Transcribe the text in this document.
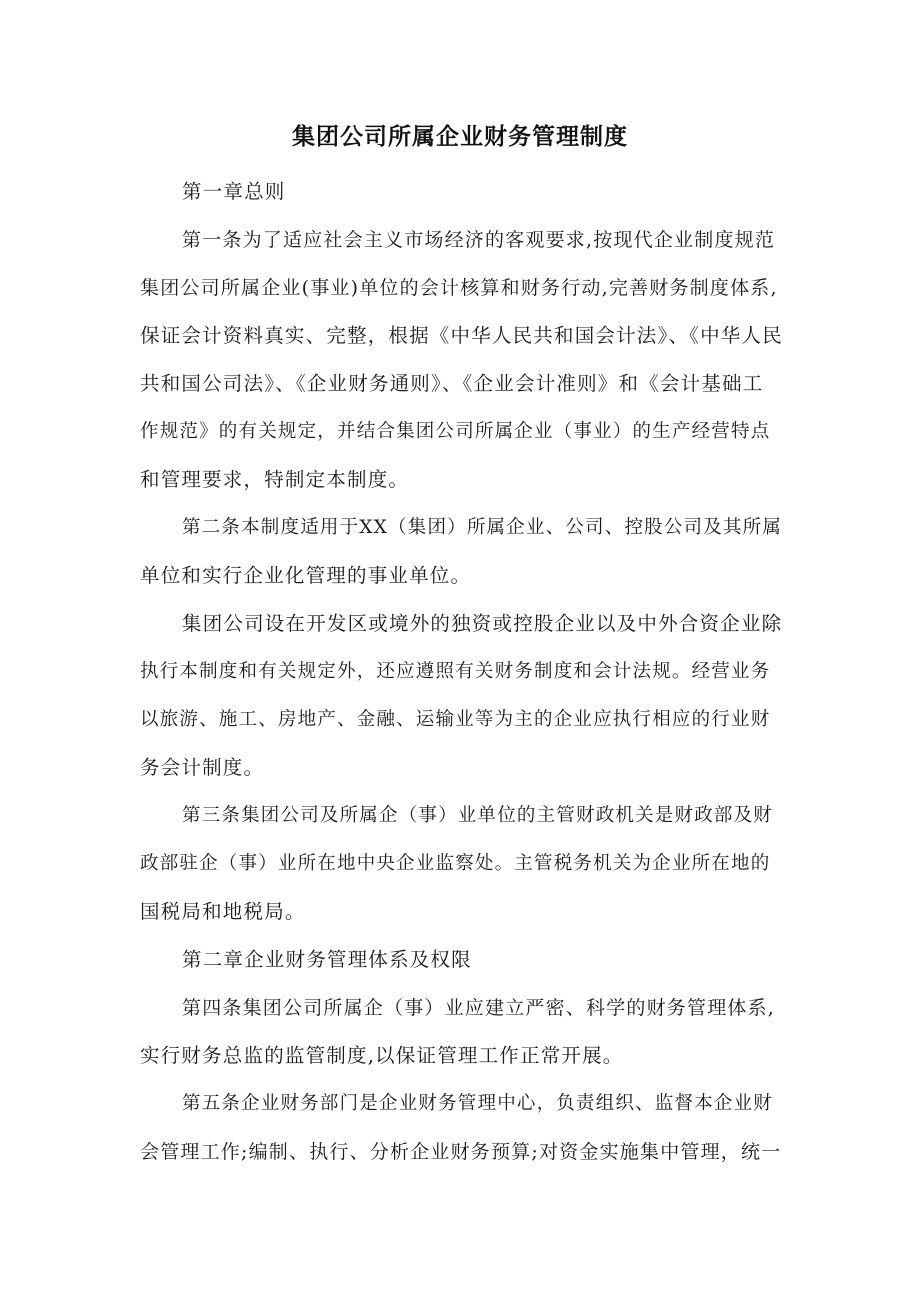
集团公司所属企业财务管理制度
第一章总则
第一条为了适应社会主义市场经济的客观要求,按现代企业制度规范
集团公司所属企业(事业)单位的会计核算和财务行动,完善财务制度体系,
保证会计资料真实、完整，根据《中华人民共和国会计法》、《中华人民
共和国公司法》、《企业财务通则》、《企业会计准则》和《会计基础工
作规范》的有关规定，并结合集团公司所属企业（事业）的生产经营特点
和管理要求，特制定本制度。
第二条本制度适用于XX（集团）所属企业、公司、控股公司及其所属
单位和实行企业化管理的事业单位。
集团公司设在开发区或境外的独资或控股企业以及中外合资企业除
执行本制度和有关规定外，还应遵照有关财务制度和会计法规。经营业务
以旅游、施工、房地产、金融、运输业等为主的企业应执行相应的行业财
务会计制度。
第三条集团公司及所属企（事）业单位的主管财政机关是财政部及财
政部驻企（事）业所在地中央企业监察处。主管税务机关为企业所在地的
国税局和地税局。
第二章企业财务管理体系及权限
第四条集团公司所属企（事）业应建立严密、科学的财务管理体系,
实行财务总监的监管制度,以保证管理工作正常开展。
第五条企业财务部门是企业财务管理中心，负责组织、监督本企业财
会管理工作;编制、执行、分析企业财务预算;对资金实施集中管理，统一
